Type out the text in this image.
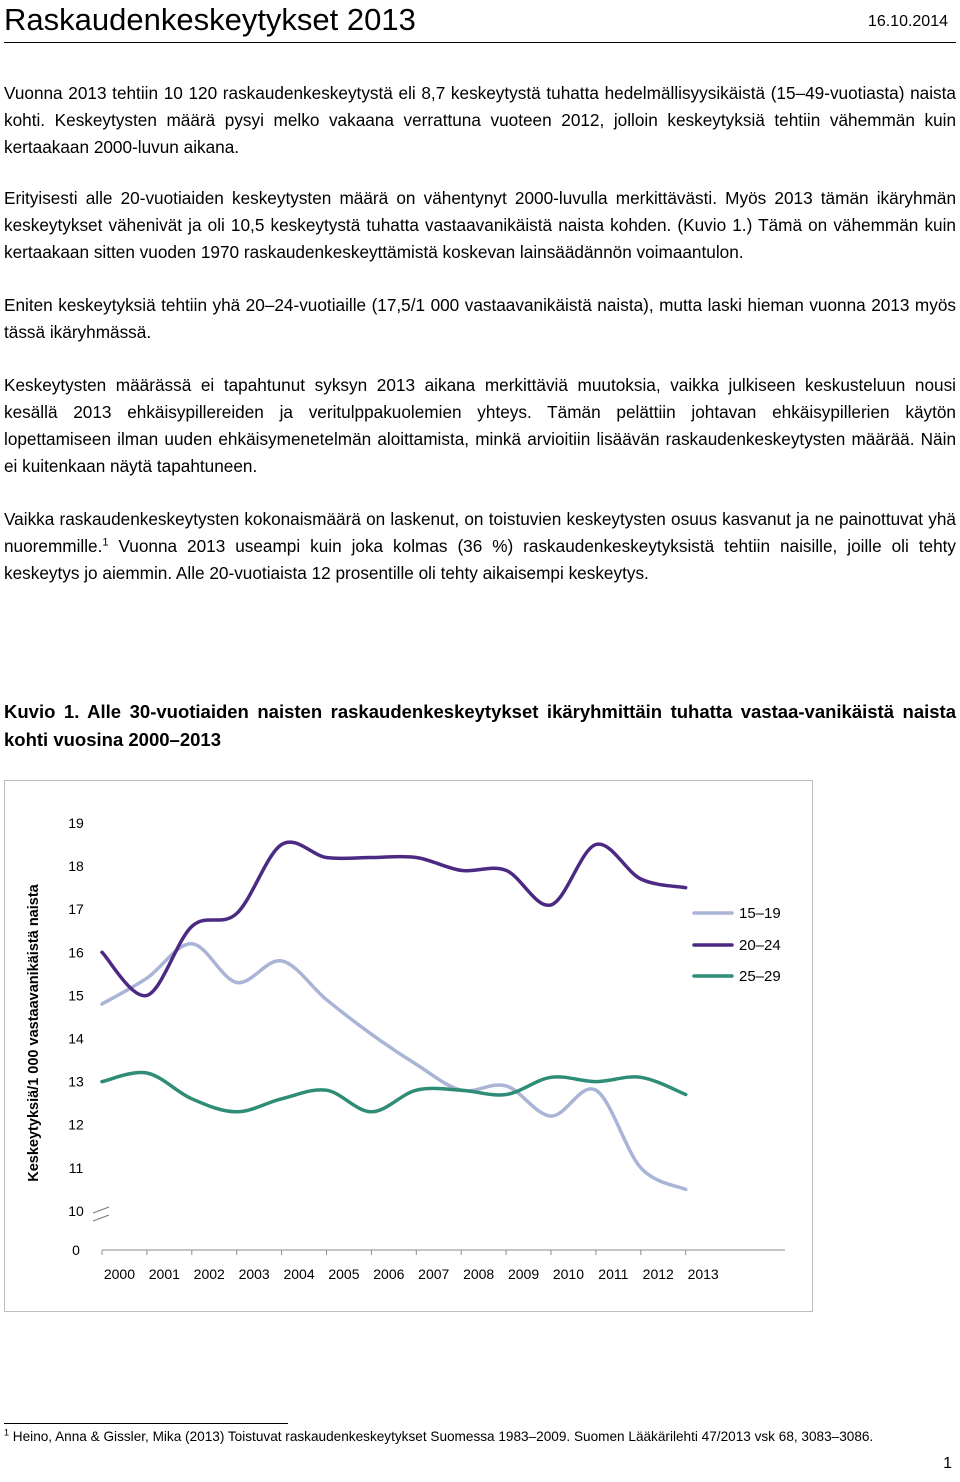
Raskaudenkeskeytykset 2013	16.10.2014

Vuonna 2013 tehtiin 10 120 raskaudenkeskeytystä eli 8,7 keskeytystä tuhatta hedelmällisyysikäistä (15–49-vuotiasta) naista kohti. Keskeytysten määrä pysyi melko vakaana verrattuna vuoteen 2012, jolloin keskeytyksiä tehtiin vähemmän kuin kertaakaan 2000-luvun aikana.

Erityisesti alle 20-vuotiaiden keskeytysten määrä on vähentynyt 2000-luvulla merkittävästi. Myös 2013 tämän ikäryhmän keskeytykset vähenivät ja oli 10,5 keskeytystä tuhatta vastaavanikäistä naista kohden. (Kuvio 1.) Tämä on vähemmän kuin kertaakaan sitten vuoden 1970 raskaudenkeskeyttämistä koskevan lainsäädännön voimaantulon.

Eniten keskeytyksiä tehtiin yhä 20–24-vuotiaille (17,5/1 000 vastaavanikäistä naista), mutta laski hieman vuonna 2013 myös tässä ikäryhmässä.

Keskeytysten määrässä ei tapahtunut syksyn 2013 aikana merkittäviä muutoksia, vaikka julkiseen keskusteluun nousi kesällä 2013 ehkäisypillereiden ja veritulppakuolemien yhteys. Tämän pelättiin johtavan ehkäisypillerien käytön lopettamiseen ilman uuden ehkäisymenetelmän aloittamista, minkä arvioitiin lisäävän raskaudenkeskeytysten määrää. Näin ei kuitenkaan näytä tapahtuneen.

Vaikka raskaudenkeskeytysten kokonaismäärä on laskenut, on toistuvien keskeytysten osuus kasvanut ja ne painottuvat yhä nuoremmille.$^1$ Vuonna 2013 useampi kuin joka kolmas (36 %) raskaudenkeskeytyksistä tehtiin naisille, joille oli tehty keskeytys jo aiemmin. Alle 20-vuotiaista 12 prosentille oli tehty aikaisempi keskeytys.

Kuvio 1. Alle 30-vuotiaiden naisten raskaudenkeskeytykset ikäryhmittäin tuhatta vastaa-vanikäistä naista kohti vuosina 2000–2013
Keskeytyksiä/1 000 vastaavanikäistä naista
10
11
12
13
14
15
16
17
18
19
0
2000 2001 2002 2003 2004 2005 2006 2007 2008 2009 2010 2011 2012 2013
15–19
20–24
25–29
$^1$ Heino, Anna & Gissler, Mika (2013) Toistuvat raskaudenkeskeytykset Suomessa 1983–2009. Suomen Lääkärilehti 47/2013 vsk 68, 3083–3086.
1
